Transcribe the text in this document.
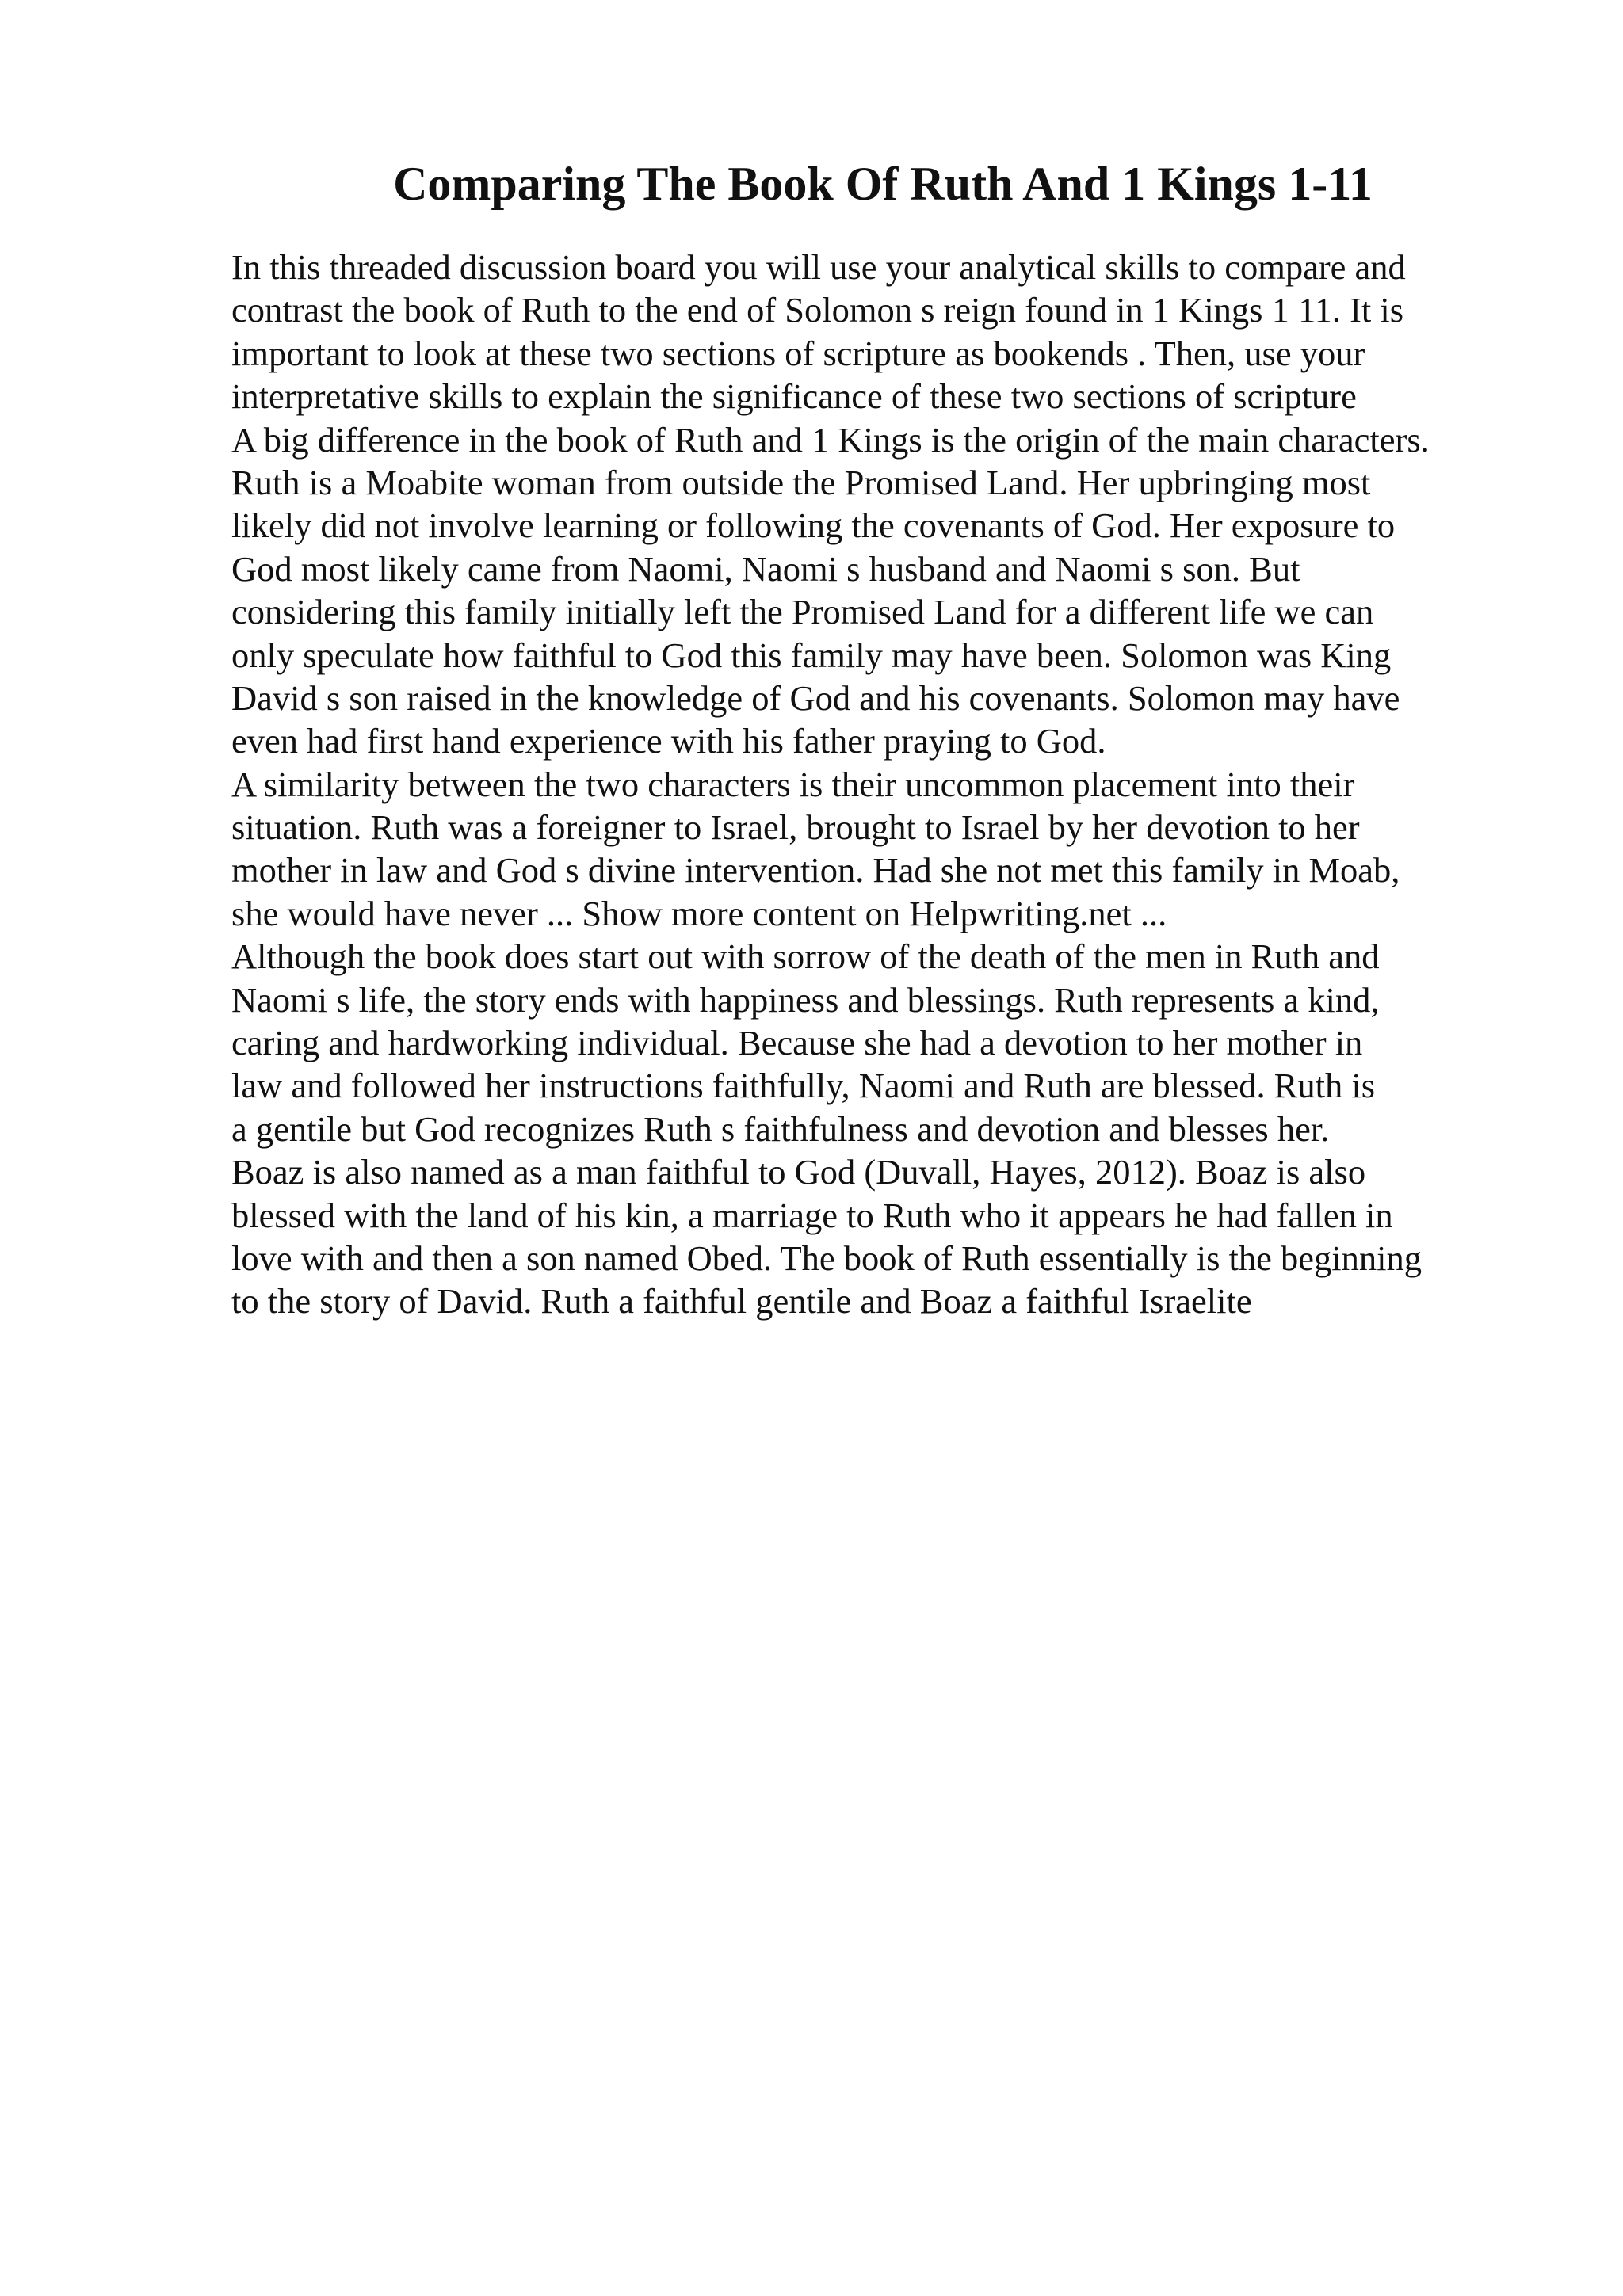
Comparing The Book Of Ruth And 1 Kings 1-11
In this threaded discussion board you will use your analytical skills to compare and
contrast the book of Ruth to the end of Solomon s reign found in 1 Kings 1 11. It is
important to look at these two sections of scripture as bookends . Then, use your
interpretative skills to explain the significance of these two sections of scripture
A big difference in the book of Ruth and 1 Kings is the origin of the main characters.
Ruth is a Moabite woman from outside the Promised Land. Her upbringing most
likely did not involve learning or following the covenants of God. Her exposure to
God most likely came from Naomi, Naomi s husband and Naomi s son. But
considering this family initially left the Promised Land for a different life we can
only speculate how faithful to God this family may have been. Solomon was King
David s son raised in the knowledge of God and his covenants. Solomon may have
even had first hand experience with his father praying to God.
A similarity between the two characters is their uncommon placement into their
situation. Ruth was a foreigner to Israel, brought to Israel by her devotion to her
mother in law and God s divine intervention. Had she not met this family in Moab,
she would have never ... Show more content on Helpwriting.net ...
Although the book does start out with sorrow of the death of the men in Ruth and
Naomi s life, the story ends with happiness and blessings. Ruth represents a kind,
caring and hardworking individual. Because she had a devotion to her mother in
law and followed her instructions faithfully, Naomi and Ruth are blessed. Ruth is
a gentile but God recognizes Ruth s faithfulness and devotion and blesses her.
Boaz is also named as a man faithful to God (Duvall, Hayes, 2012). Boaz is also
blessed with the land of his kin, a marriage to Ruth who it appears he had fallen in
love with and then a son named Obed. The book of Ruth essentially is the beginning
to the story of David. Ruth a faithful gentile and Boaz a faithful Israelite
